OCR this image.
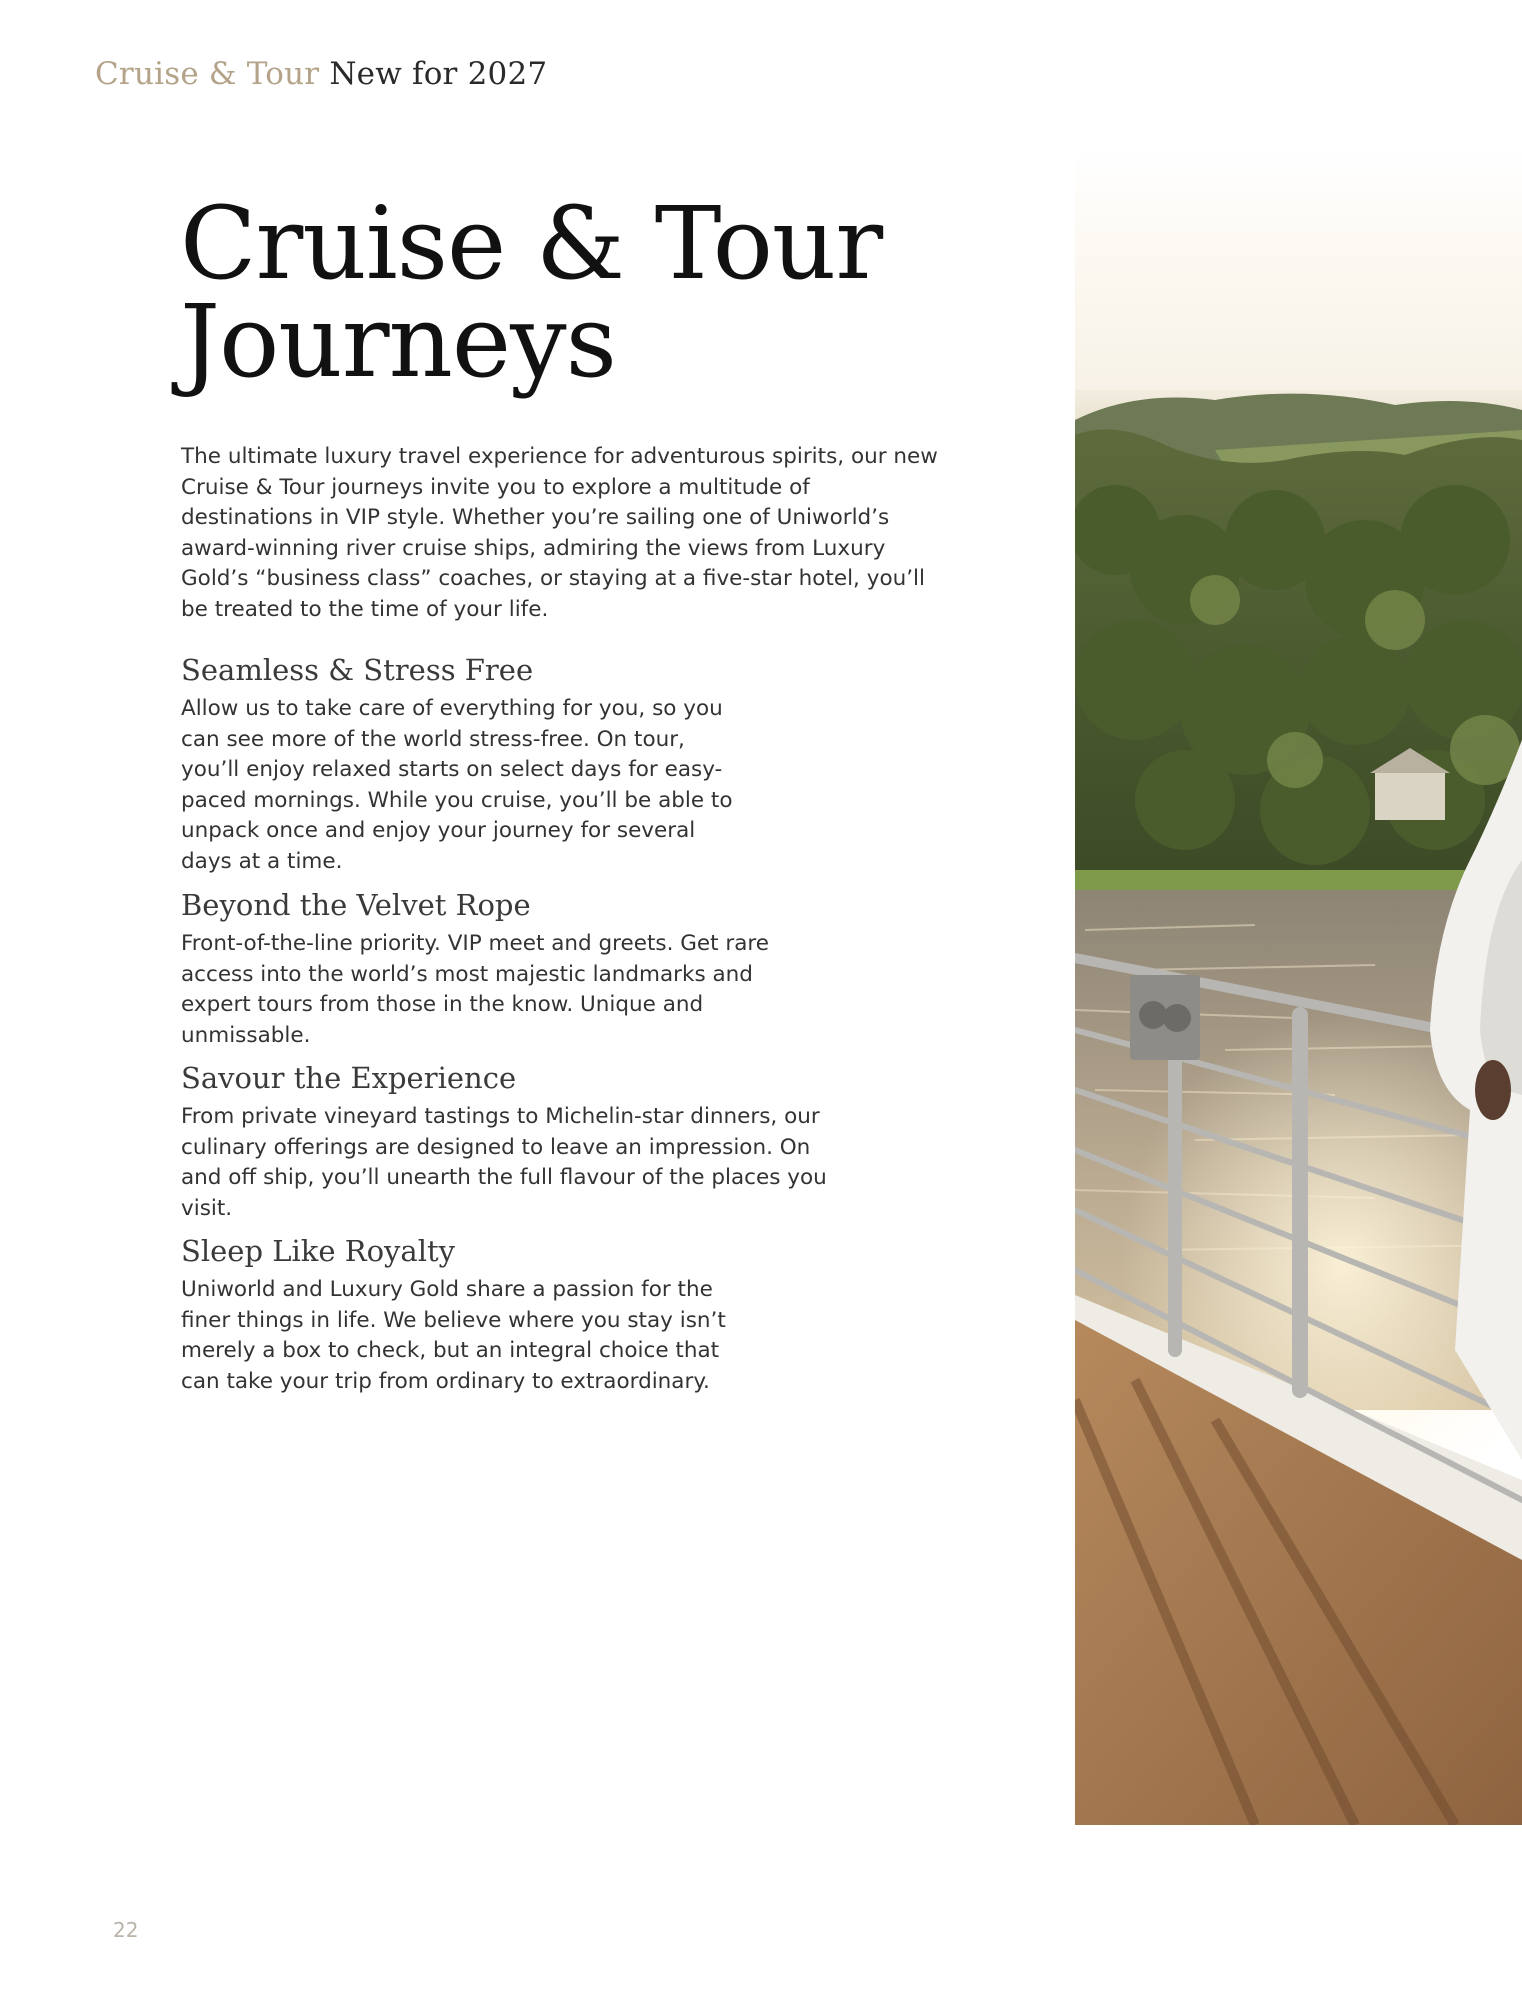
Cruise & Tour New for 2027
Cruise & Tour
Journeys

The ultimate luxury travel experience for adventurous spirits, our new Cruise & Tour journeys invite you to explore a multitude of destinations in VIP style. Whether you’re sailing one of Uniworld’s award-winning river cruise ships, admiring the views from Luxury Gold’s “business class” coaches, or staying at a five-star hotel, you’ll be treated to the time of your life.

Seamless & Stress Free

Allow us to take care of everything for you, so you can see more of the world stress-free. On tour, you’ll enjoy relaxed starts on select days for easy-paced mornings. While you cruise, you’ll be able to unpack once and enjoy your journey for several days at a time.

Beyond the Velvet Rope

Front-of-the-line priority. VIP meet and greets. Get rare access into the world’s most majestic landmarks and expert tours from those in the know. Unique and unmissable.

Savour the Experience

From private vineyard tastings to Michelin-star dinners, our culinary offerings are designed to leave an impression. On and off ship, you’ll unearth the full flavour of the places you visit.

Sleep Like Royalty

Uniworld and Luxury Gold share a passion for the finer things in life. We believe where you stay isn’t merely a box to check, but an integral choice that can take your trip from ordinary to extraordinary.

22
